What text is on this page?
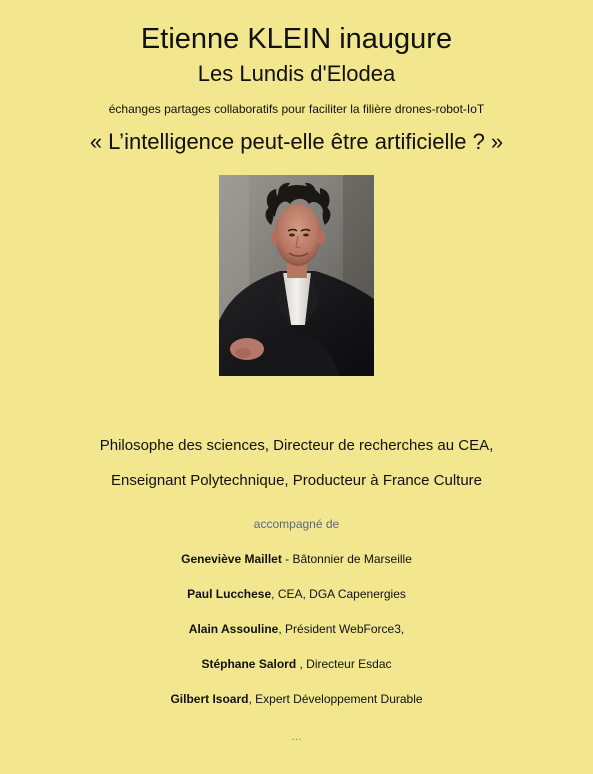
Etienne KLEIN inaugure
Les Lundis d'Elodea
échanges partages collaboratifs pour faciliter la filière drones-robot-IoT
« L’intelligence peut-elle être artificielle ? »
Philosophe des sciences, Directeur de recherches au CEA,
Enseignant Polytechnique, Producteur à France Culture
accompagné de
Geneviève Maillet - Bâtonnier de Marseille
Paul Lucchese, CEA, DGA Capenergies
Alain Assouline, Président WebForce3,
Stéphane Salord , Directeur Esdac
Gilbert Isoard, Expert Développement Durable
...
